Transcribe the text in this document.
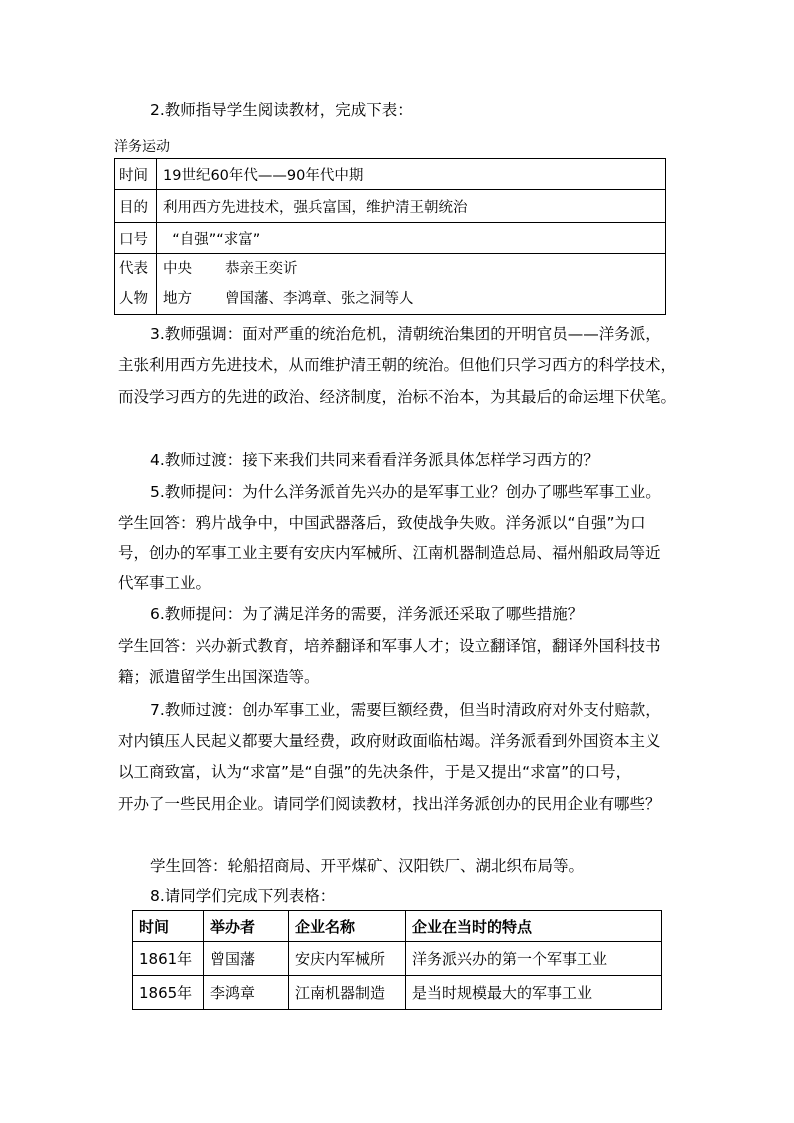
2.教师指导学生阅读教材，完成下表：
洋务运动
时间	19世纪60年代——90年代中期
目的	利用西方先进技术，强兵富国，维护清王朝统治
口号	“自强”“求富”
代表
人物	中央 恭亲王奕䜣
地方 曾国藩、李鸿章、张之洞等人
3.教师强调：面对严重的统治危机，清朝统治集团的开明官员——洋务派，
主张利用西方先进技术，从而维护清王朝的统治。但他们只学习西方的科学技术，
而没学习西方的先进的政治、经济制度，治标不治本，为其最后的命运埋下伏笔。
4.教师过渡：接下来我们共同来看看洋务派具体怎样学习西方的？
5.教师提问：为什么洋务派首先兴办的是军事工业？创办了哪些军事工业。
学生回答：鸦片战争中，中国武器落后，致使战争失败。洋务派以“自强”为口
号，创办的军事工业主要有安庆内军械所、江南机器制造总局、福州船政局等近
代军事工业。
6.教师提问：为了满足洋务的需要，洋务派还采取了哪些措施？
学生回答：兴办新式教育，培养翻译和军事人才；设立翻译馆，翻译外国科技书
籍；派遣留学生出国深造等。
7.教师过渡：创办军事工业，需要巨额经费，但当时清政府对外支付赔款，
对内镇压人民起义都要大量经费，政府财政面临枯竭。洋务派看到外国资本主义
以工商致富，认为“求富”是“自强”的先决条件，于是又提出“求富”的口号，
开办了一些民用企业。请同学们阅读教材，找出洋务派创办的民用企业有哪些？
学生回答：轮船招商局、开平煤矿、汉阳铁厂、湖北织布局等。
8.请同学们完成下列表格：
时间	举办者	企业名称	企业在当时的特点
1861年	曾国藩	安庆内军械所	洋务派兴办的第一个军事工业
1865年	李鸿章	江南机器制造	是当时规模最大的军事工业
